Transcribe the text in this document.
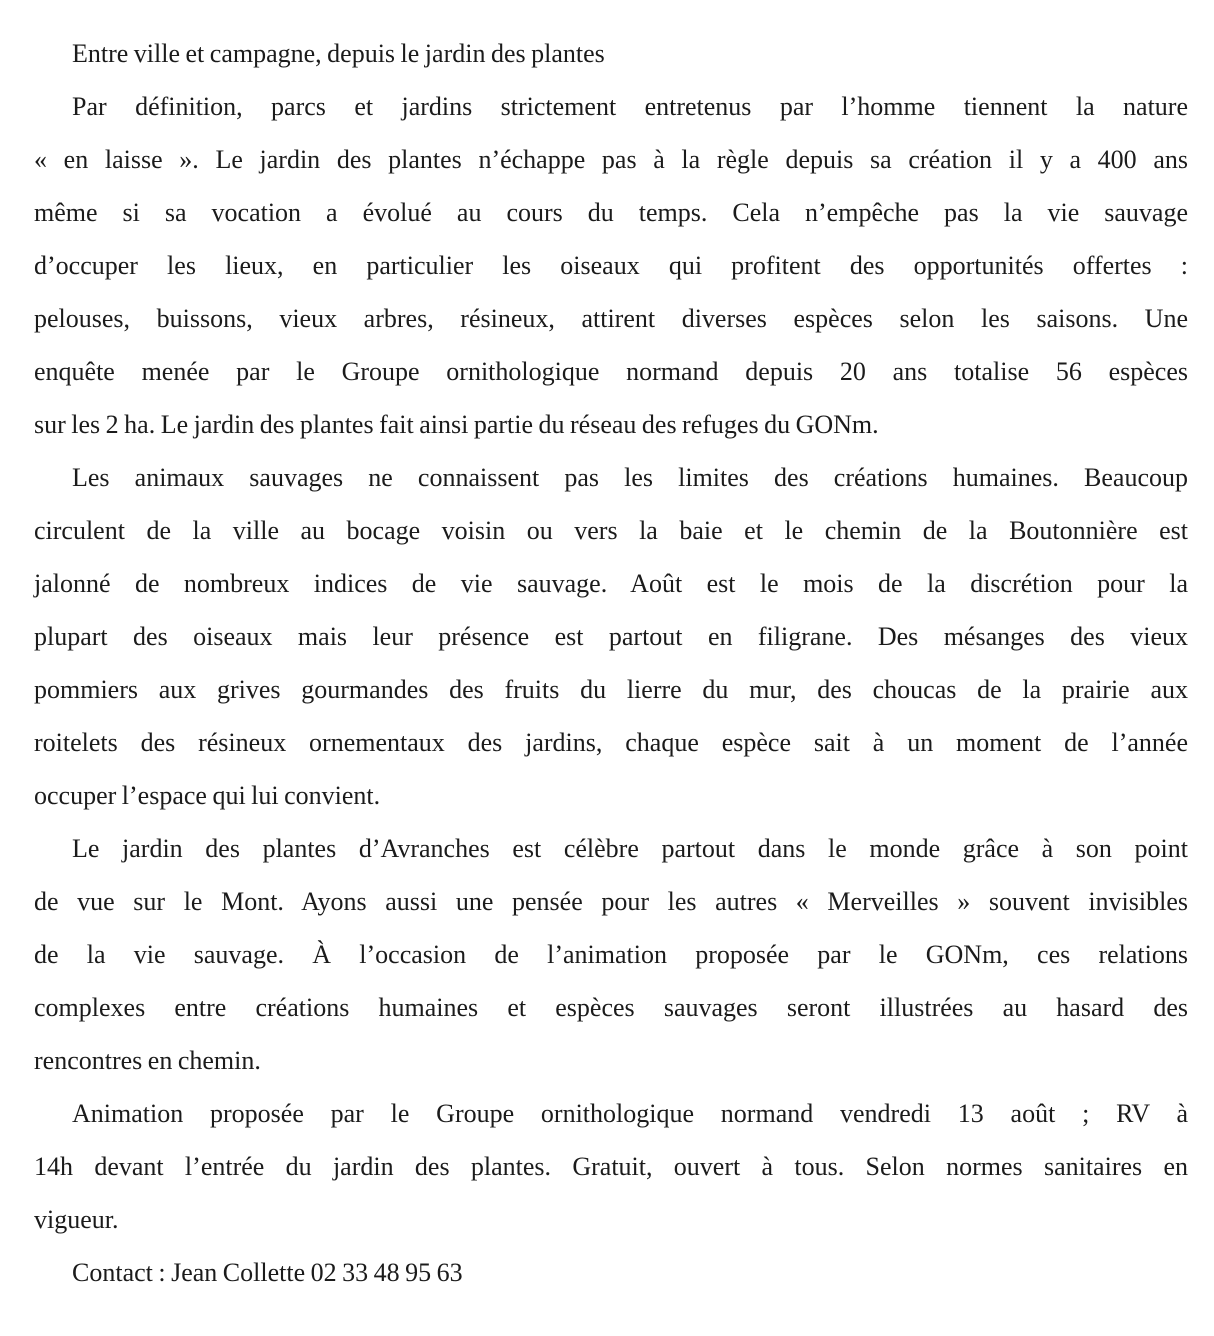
Entre ville et campagne, depuis le jardin des plantes
Par définition, parcs et jardins strictement entretenus par l’homme tiennent la nature
« en laisse ». Le jardin des plantes n’échappe pas à la règle depuis sa création il y a 400 ans
même si sa vocation a évolué au cours du temps. Cela n’empêche pas la vie sauvage
d’occuper les lieux, en particulier les oiseaux qui profitent des opportunités offertes :
pelouses, buissons, vieux arbres, résineux, attirent diverses espèces selon les saisons. Une
enquête menée par le Groupe ornithologique normand depuis 20 ans totalise 56 espèces
sur les 2 ha. Le jardin des plantes fait ainsi partie du réseau des refuges du GONm.
Les animaux sauvages ne connaissent pas les limites des créations humaines. Beaucoup
circulent de la ville au bocage voisin ou vers la baie et le chemin de la Boutonnière est
jalonné de nombreux indices de vie sauvage. Août est le mois de la discrétion pour la
plupart des oiseaux mais leur présence est partout en filigrane. Des mésanges des vieux
pommiers aux grives gourmandes des fruits du lierre du mur, des choucas de la prairie aux
roitelets des résineux ornementaux des jardins, chaque espèce sait à un moment de l’année
occuper l’espace qui lui convient.
Le jardin des plantes d’Avranches est célèbre partout dans le monde grâce à son point
de vue sur le Mont. Ayons aussi une pensée pour les autres « Merveilles » souvent invisibles
de la vie sauvage. À l’occasion de l’animation proposée par le GONm, ces relations
complexes entre créations humaines et espèces sauvages seront illustrées au hasard des
rencontres en chemin.
Animation proposée par le Groupe ornithologique normand vendredi 13 août ; RV à
14h devant l’entrée du jardin des plantes. Gratuit, ouvert à tous. Selon normes sanitaires en
vigueur.
Contact : Jean Collette 02 33 48 95 63
